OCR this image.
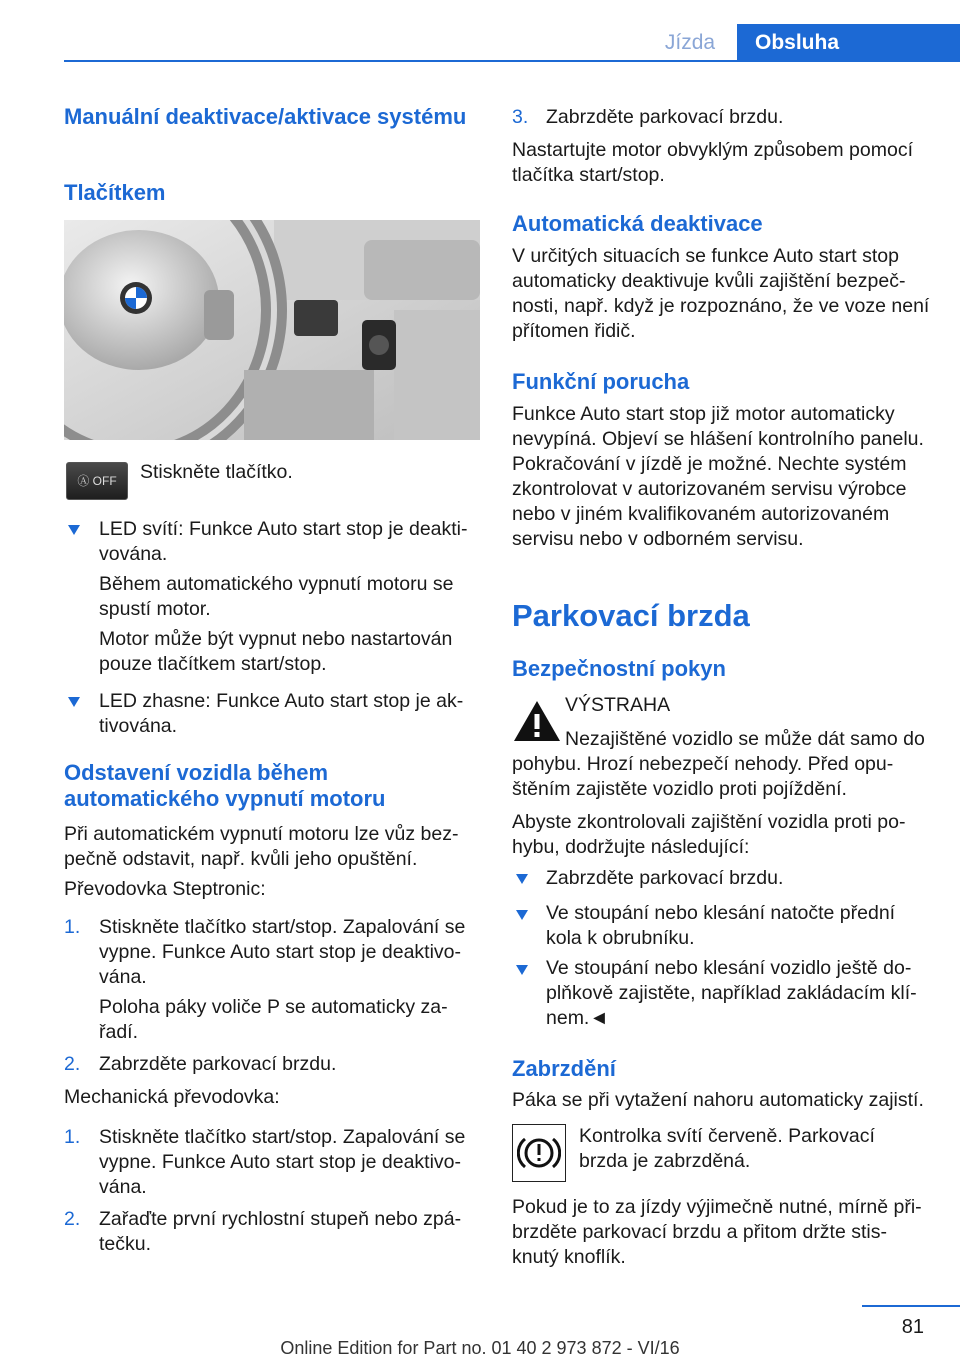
Jízda	Obsluha
Manuální deaktivace/aktivace systému
Tlačítkem
Ⓐ OFF	Stiskněte tlačítko.

LED svítí: Funkce Auto start stop je deakti-
vována.
Během automatického vypnutí motoru se
spustí motor.
Motor může být vypnut nebo nastartován
pouze tlačítkem start/stop.
LED zhasne: Funkce Auto start stop je ak-
tivována.
Odstavení vozidla během automatického vypnutí motoru

Při automatickém vypnutí motoru lze vůz bez-

pečně odstavit, např. kvůli jeho opuštění.

Převodovka Steptronic:

1. Stiskněte tlačítko start/stop. Zapalování se
vypne. Funkce Auto start stop je deaktivo-
vána.
Poloha páky voliče P se automaticky za-
řadí.
2. Zabrzděte parkovací brzdu.

Mechanická převodovka:

1. Stiskněte tlačítko start/stop. Zapalování se
vypne. Funkce Auto start stop je deaktivo-
vána.
2. Zařaďte první rychlostní stupeň nebo zpá-
tečku.
3. Zabrzděte parkovací brzdu.

Nastartujte motor obvyklým způsobem pomocí

tlačítka start/stop.

Automatická deaktivace

V určitých situacích se funkce Auto start stop

automaticky deaktivuje kvůli zajištění bezpeč-

nosti, např. když je rozpoznáno, že ve voze není

přítomen řidič.

Funkční porucha

Funkce Auto start stop již motor automaticky

nevypíná. Objeví se hlášení kontrolního panelu.

Pokračování v jízdě je možné. Nechte systém

zkontrolovat v autorizovaném servisu výrobce

nebo v jiném kvalifikovaném autorizovaném

servisu nebo v odborném servisu.

Parkovací brzda
Bezpečnostní pokyn

VÝSTRAHA

Nezajištěné vozidlo se může dát samo do

pohybu. Hrozí nebezpečí nehody. Před opu-

štěním zajistěte vozidlo proti pojíždění.

Abyste zkontrolovali zajištění vozidla proti po-

hybu, dodržujte následující:

Zabrzděte parkovací brzdu.
Ve stoupání nebo klesání natočte přední
kola k obrubníku.
Ve stoupání nebo klesání vozidlo ještě do-
plňkově zajistěte, například zakládacím klí-
nem.◄
Zabrzdění

Páka se při vytažení nahoru automaticky zajistí.

Kontrolka svítí červeně. Parkovací

brzda je zabrzděná.

Pokud je to za jízdy výjimečně nutné, mírně při-

brzděte parkovací brzdu a přitom držte stis-

knutý knoflík.

81
Online Edition for Part no. 01 40 2 973 872 - VI/16
